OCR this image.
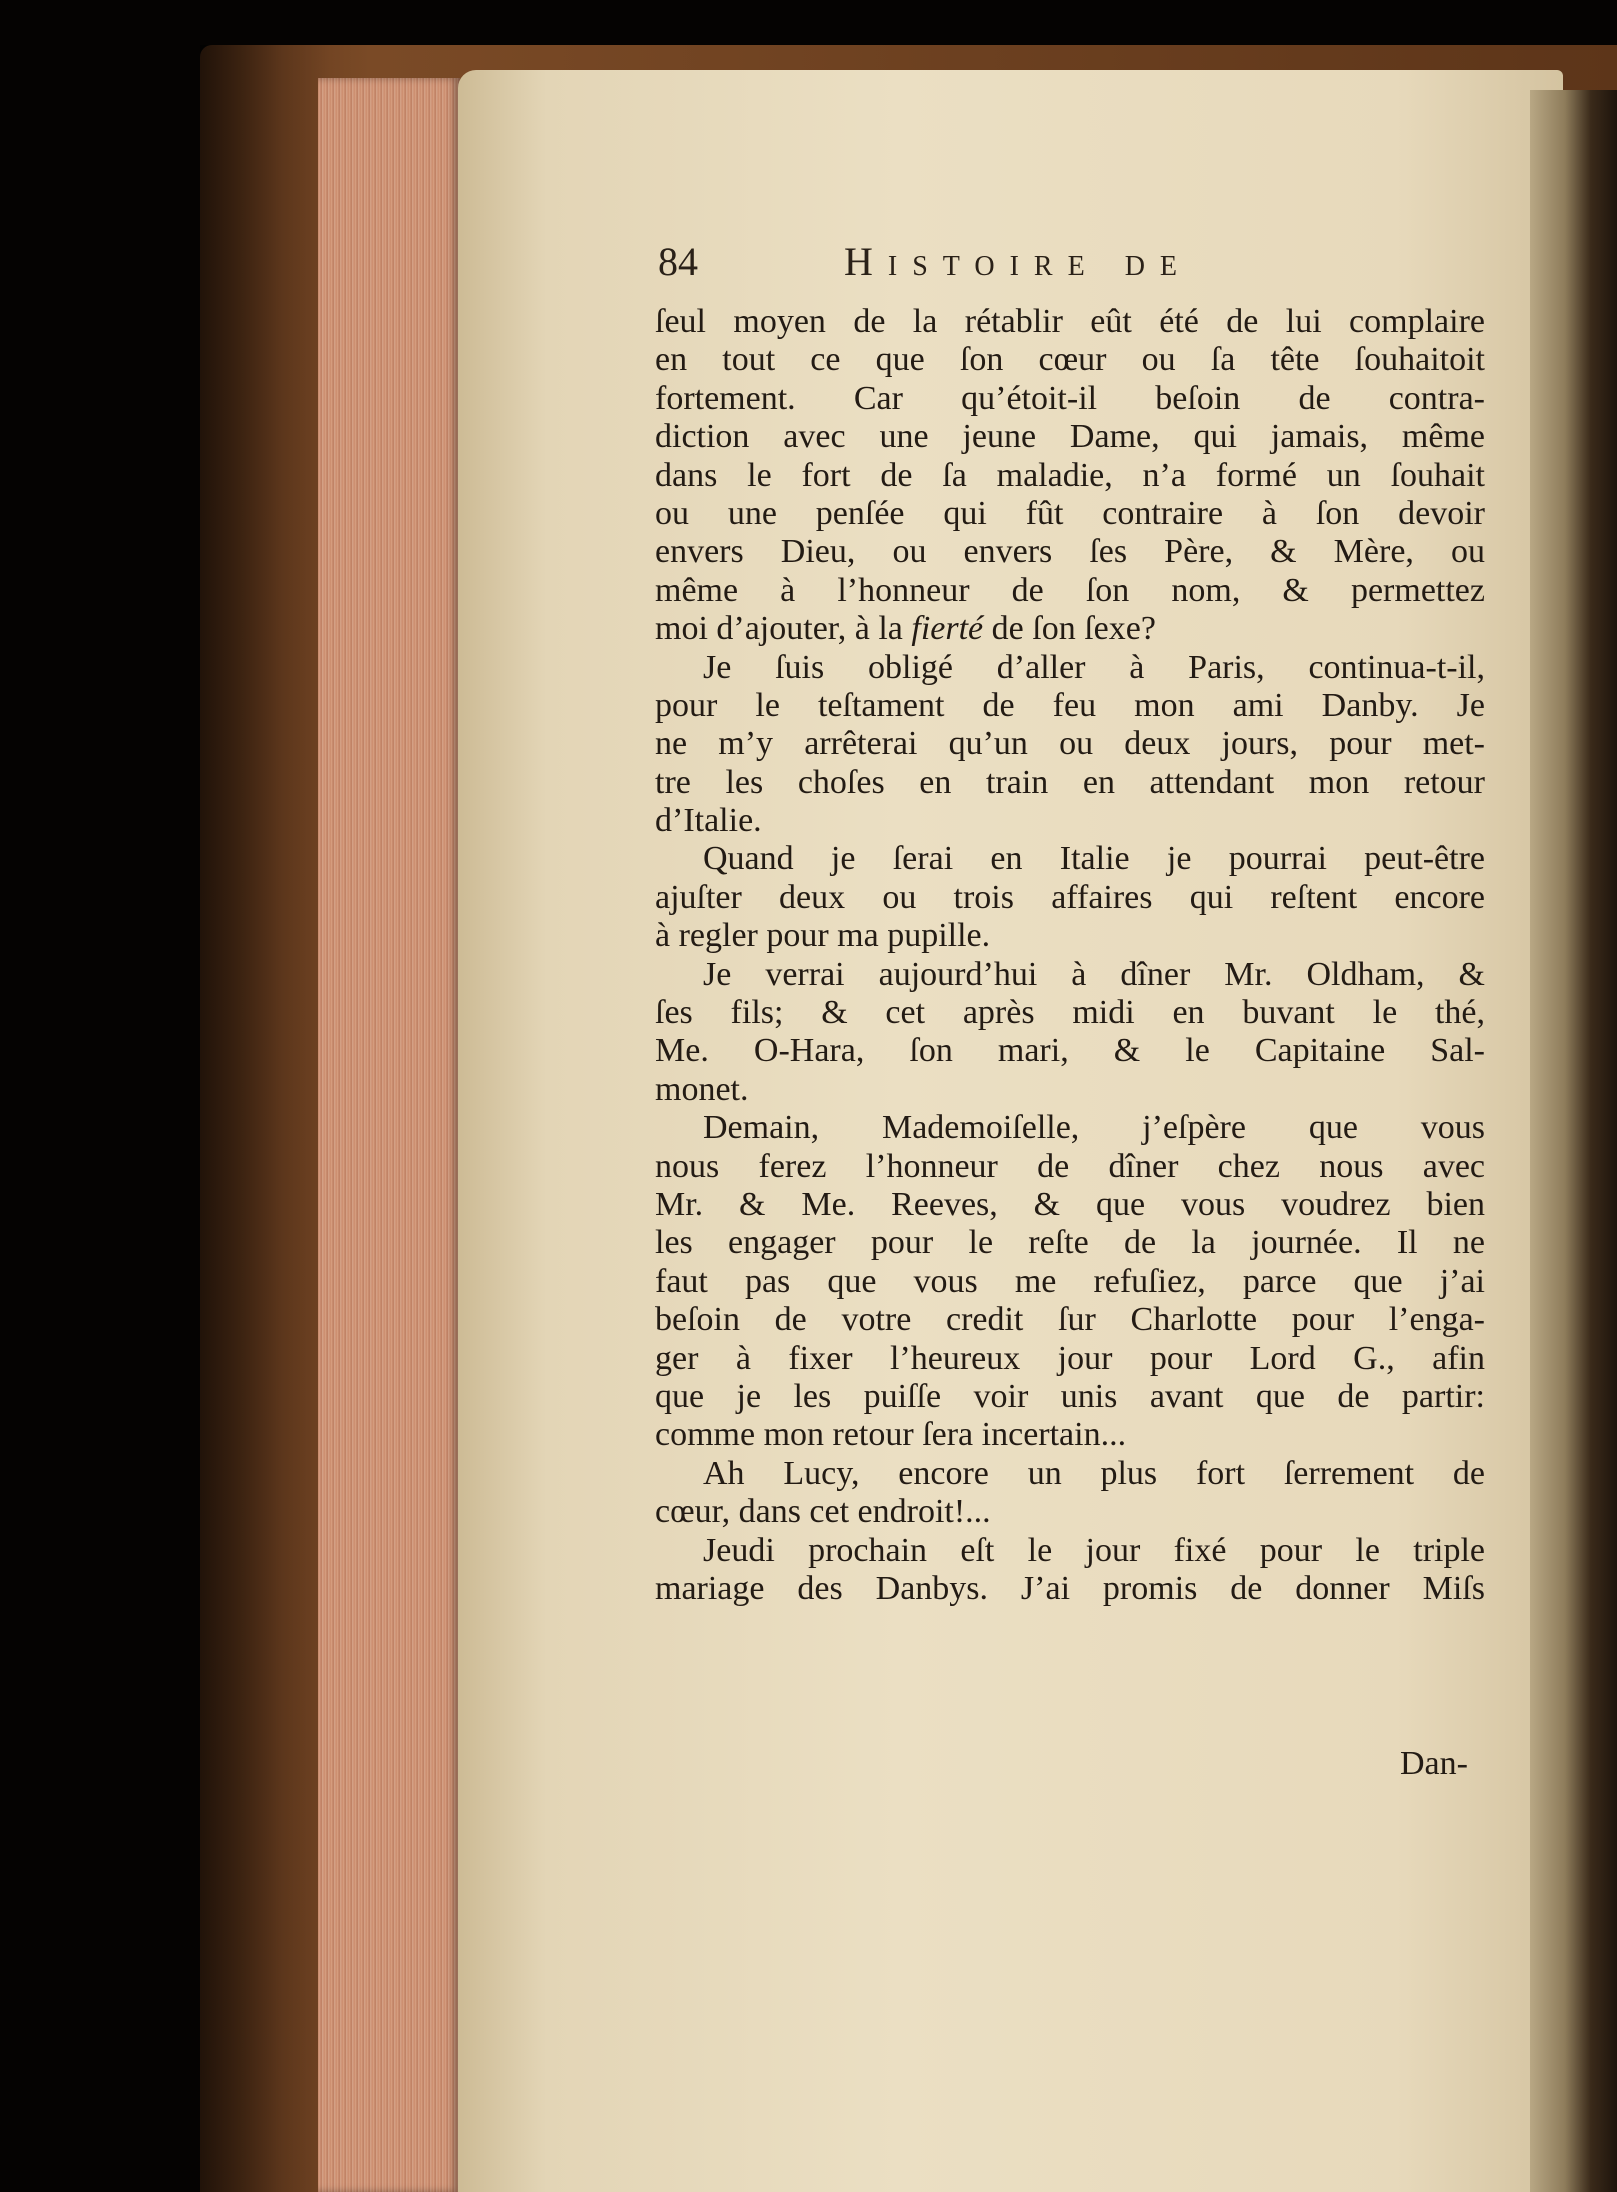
84	Histoire de
ſeul moyen de la rétablir eût été de lui complaire
en tout ce que ſon cœur ou ſa tête ſouhaitoit
fortement. Car qu’étoit-il beſoin de contra-
diction avec une jeune Dame, qui jamais, même
dans le fort de ſa maladie, n’a formé un ſouhait
ou une penſée qui fût contraire à ſon devoir
envers Dieu, ou envers ſes Père, & Mère, ou
même à l’honneur de ſon nom, & permettez
moi d’ajouter, à la fierté de ſon ſexe?
Je ſuis obligé d’aller à Paris, continua-t-il,
pour le teſtament de feu mon ami Danby. Je
ne m’y arrêterai qu’un ou deux jours, pour met-
tre les choſes en train en attendant mon retour
d’Italie.
Quand je ſerai en Italie je pourrai peut-être
ajuſter deux ou trois affaires qui reſtent encore
à regler pour ma pupille.
Je verrai aujourd’hui à dîner Mr. Oldham, &
ſes fils; & cet après midi en buvant le thé,
Me. O-Hara, ſon mari, & le Capitaine Sal-
monet.
Demain, Mademoiſelle, j’eſpère que vous
nous ferez l’honneur de dîner chez nous avec
Mr. & Me. Reeves, & que vous voudrez bien
les engager pour le reſte de la journée. Il ne
faut pas que vous me refuſiez, parce que j’ai
beſoin de votre credit ſur Charlotte pour l’enga-
ger à fixer l’heureux jour pour Lord G., afin
que je les puiſſe voir unis avant que de partir:
comme mon retour ſera incertain...
Ah Lucy, encore un plus fort ſerrement de
cœur, dans cet endroit!...
Jeudi prochain eſt le jour fixé pour le triple
mariage des Danbys. J’ai promis de donner Miſs
Dan-
